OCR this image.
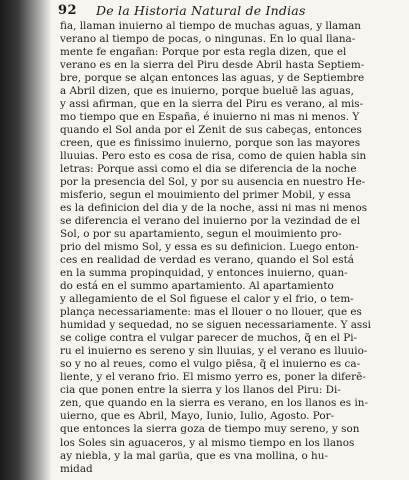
92 De la Historia Natural de Indias
fia, llaman inuierno al tiempo de muchas aguas, y llaman
verano al tiempo de pocas, o ningunas. En lo qual llana-
mente fe engañan: Porque por esta regla dizen, que el
verano es en la sierra del Piru desde Abril hasta Septiem-
bre, porque se alçan entonces las aguas, y de Septiembre
a Abril dizen, que es inuierno, porque bueluē las aguas,
y assi afirman, que en la sierra del Piru es verano, al mis-
mo tiempo que en España, é inuierno ni mas ni menos. Y
quando el Sol anda por el Zenit de sus cabeças, entonces
creen, que es finissimo inuierno, porque son las mayores
lluuias. Pero esto es cosa de risa, como de quien habla sin
letras: Porque assi como el dia se diferencia de la noche
por la presencia del Sol, y por su ausencia en nuestro He-
misferio, segun el mouimiento del primer Mobil, y essa
es la definicion del dia y de la noche, assi ni mas ni menos
se diferencia el verano del inuierno por la vezindad de el
Sol, o por su apartamiento, segun el mouimiento pro-
prio del mismo Sol, y essa es su definicion. Luego enton-
ces en realidad de verdad es verano, quando el Sol está
en la summa propinquidad, y entonces inuierno, quan-
do está en el summo apartamiento. Al apartamiento
y allegamiento de el Sol figuese el calor y el frio, o tem-
plança necessariamente: mas el llouer o no llouer, que es
humidad y sequedad, no se siguen necessariamente. Y assi
se colige contra el vulgar parecer de muchos, q̃ en el Pi-
ru el inuierno es sereno y sin lluuias, y el verano es lluuio-
so y no al reues, como el vulgo piēsa, q̃ el inuierno es ca-
liente, y el verano frio. El mismo yerro es, poner la diferē-
cia que ponen entre la sierra y los llanos del Piru: Di-
zen, que quando en la sierra es verano, en los llanos es in-
uierno, que es Abril, Mayo, Iunio, Iulio, Agosto. Por-
que entonces la sierra goza de tiempo muy sereno, y son
los Soles sin aguaceros, y al mismo tiempo en los llanos
ay niebla, y la mal garüa, que es vna mollina, o hu-
midad
